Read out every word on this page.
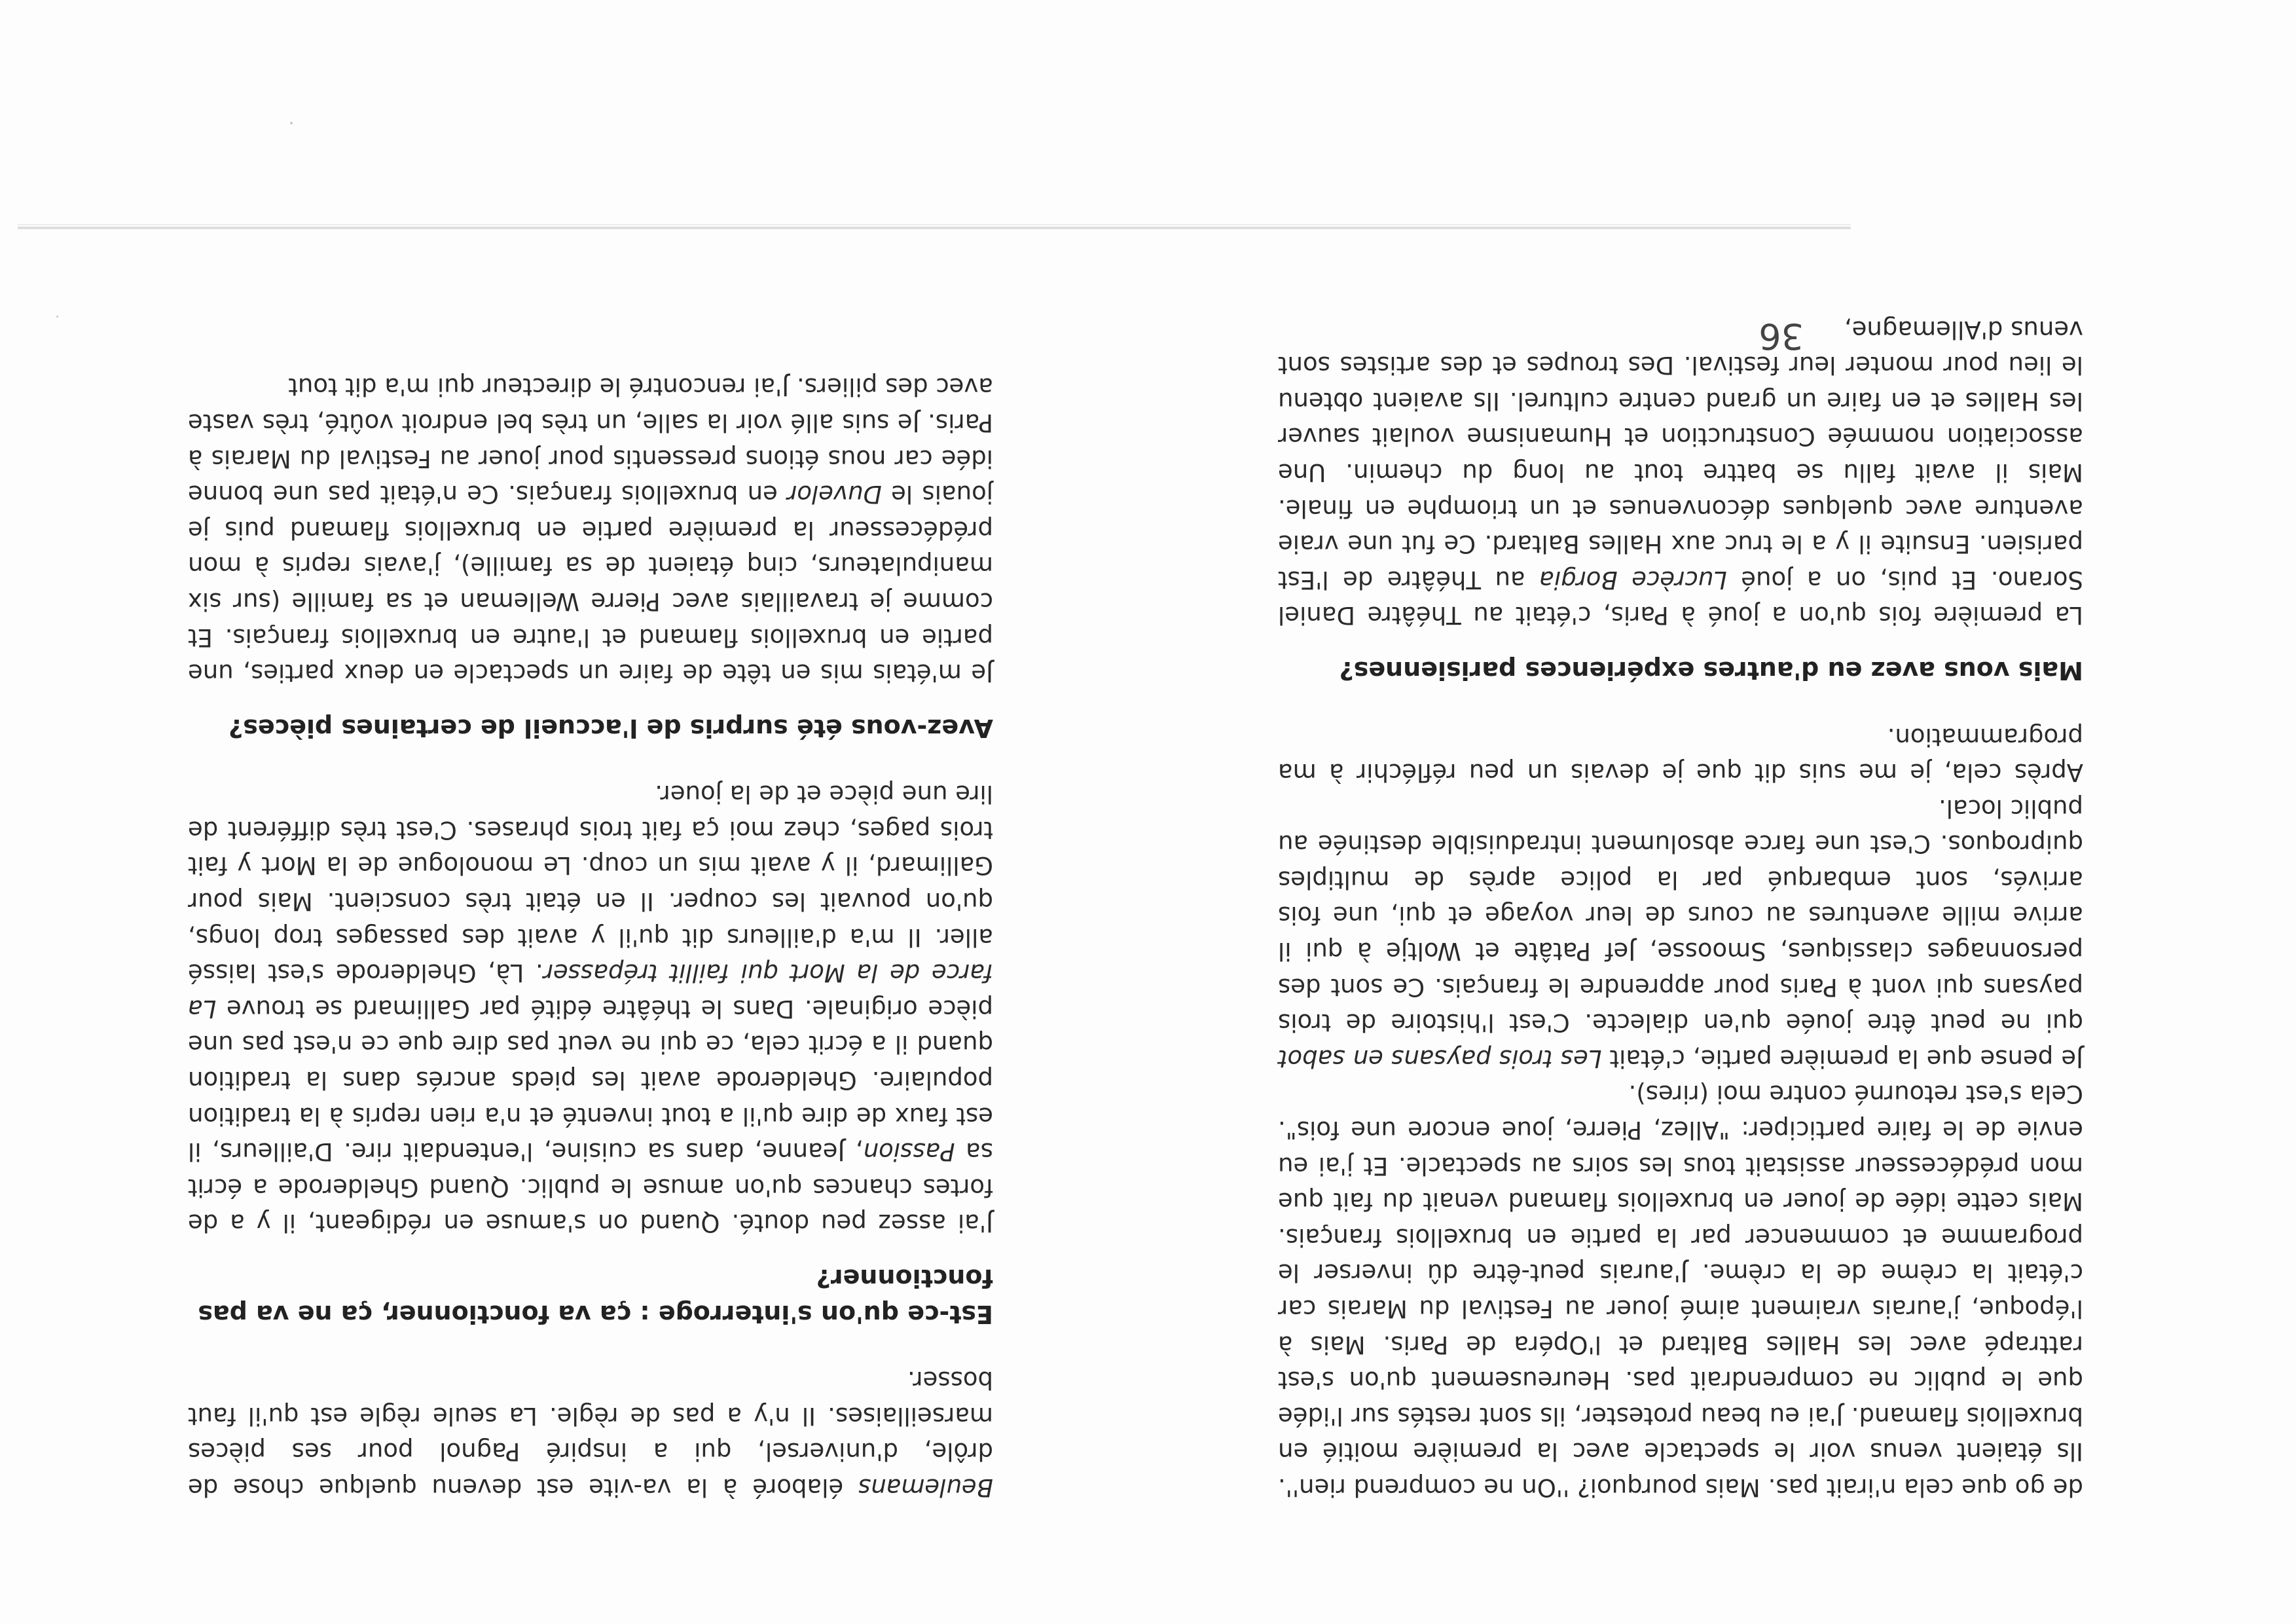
36

Beulemans élaboré à la va-vite est devenu quelque chose de drôle, d'universel, qui a inspiré Pagnol pour ses pièces marseillaises. Il n'y a pas de règle. La seule règle est qu'il faut bosser.

Est-ce qu'on s'interroge : ça va fonctionner, ça ne va pas fonctionner?

J'ai assez peu douté. Quand on s'amuse en rédigeant, il y a de fortes chances qu'on amuse le public. Quand Ghelderode a écrit sa Passion, Jeanne, dans sa cuisine, l'entendait rire. D'ailleurs, il est faux de dire qu'il a tout inventé et n'a rien repris à la tradition populaire. Ghelderode avait les pieds ancrés dans la tradition quand il a écrit cela, ce qui ne veut pas dire que ce n'est pas une pièce originale. Dans le théâtre édité par Gallimard se trouve La farce de la Mort qui faillit trépasser. Là, Ghelderode s'est laissé aller. Il m'a d'ailleurs dit qu'il y avait des passages trop longs, qu'on pouvait les couper. Il en était très conscient. Mais pour Gallimard, il y avait mis un coup. Le monologue de la Mort y fait trois pages, chez moi ça fait trois phrases. C'est très différent de lire une pièce et de la jouer.

Avez-vous été surpris de l'accueil de certaines pièces?

Je m'étais mis en tête de faire un spectacle en deux parties, une partie en bruxellois flamand et l'autre en bruxellois français. Et comme je travaillais avec Pierre Welleman et sa famille (sur six manipulateurs, cinq étaient de sa famille), j'avais repris à mon prédécesseur la première partie en bruxellois flamand puis je jouais le Duvelor en bruxellois français. Ce n'était pas une bonne idée car nous étions pressentis pour jouer au Festival du Marais à Paris. Je suis allé voir la salle, un très bel endroit voûté, très vaste avec des piliers. J'ai rencontré le directeur qui m'a dit tout

de go que cela n'irait pas. Mais pourquoi? ''On ne comprend rien''. Ils étaient venus voir le spectacle avec la première moitié en bruxellois flamand. J'ai eu beau protester, ils sont restés sur l'idée que le public ne comprendrait pas. Heureusement qu'on s'est rattrapé avec les Halles Baltard et l'Opéra de Paris. Mais à l'époque, j'aurais vraiment aimé jouer au Festival du Marais car c'était la crème de la crème. J'aurais peut-être dû inverser le programme et commencer par la partie en bruxellois français. Mais cette idée de jouer en bruxellois flamand venait du fait que mon prédécesseur assistait tous les soirs au spectacle. Et j'ai eu envie de le faire participer: "Allez, Pierre, joue encore une fois". Cela s'est retourné contre moi (rires).

Je pense que la première partie, c'était Les trois paysans en sabot qui ne peut être jouée qu'en dialecte. C'est l'histoire de trois paysans qui vont à Paris pour apprendre le français. Ce sont des personnages classiques, Smoosse, Jef Patâte et Woltje à qui il arrive mille aventures au cours de leur voyage et qui, une fois arrivés, sont embarqué par la police après de multiples quiproquos. C'est une farce absolument intraduisible destinée au public local.

Après cela, je me suis dit que je devais un peu réfléchir à ma programmation.

Mais vous avez eu d'autres expériences parisiennes?

La première fois qu'on a joué à Paris, c'était au Théâtre Daniel Sorano. Et puis, on a joué Lucrèce Borgia au Théâtre de l'Est parisien. Ensuite il y a le truc aux Halles Baltard. Ce fut une vraie aventure avec quelques déconvenues et un triomphe en finale. Mais il avait fallu se battre tout au long du chemin. Une association nommée Construction et Humanisme voulait sauver les Halles et en faire un grand centre culturel. Ils avaient obtenu le lieu pour monter leur festival. Des troupes et des artistes sont venus d'Allemagne,
